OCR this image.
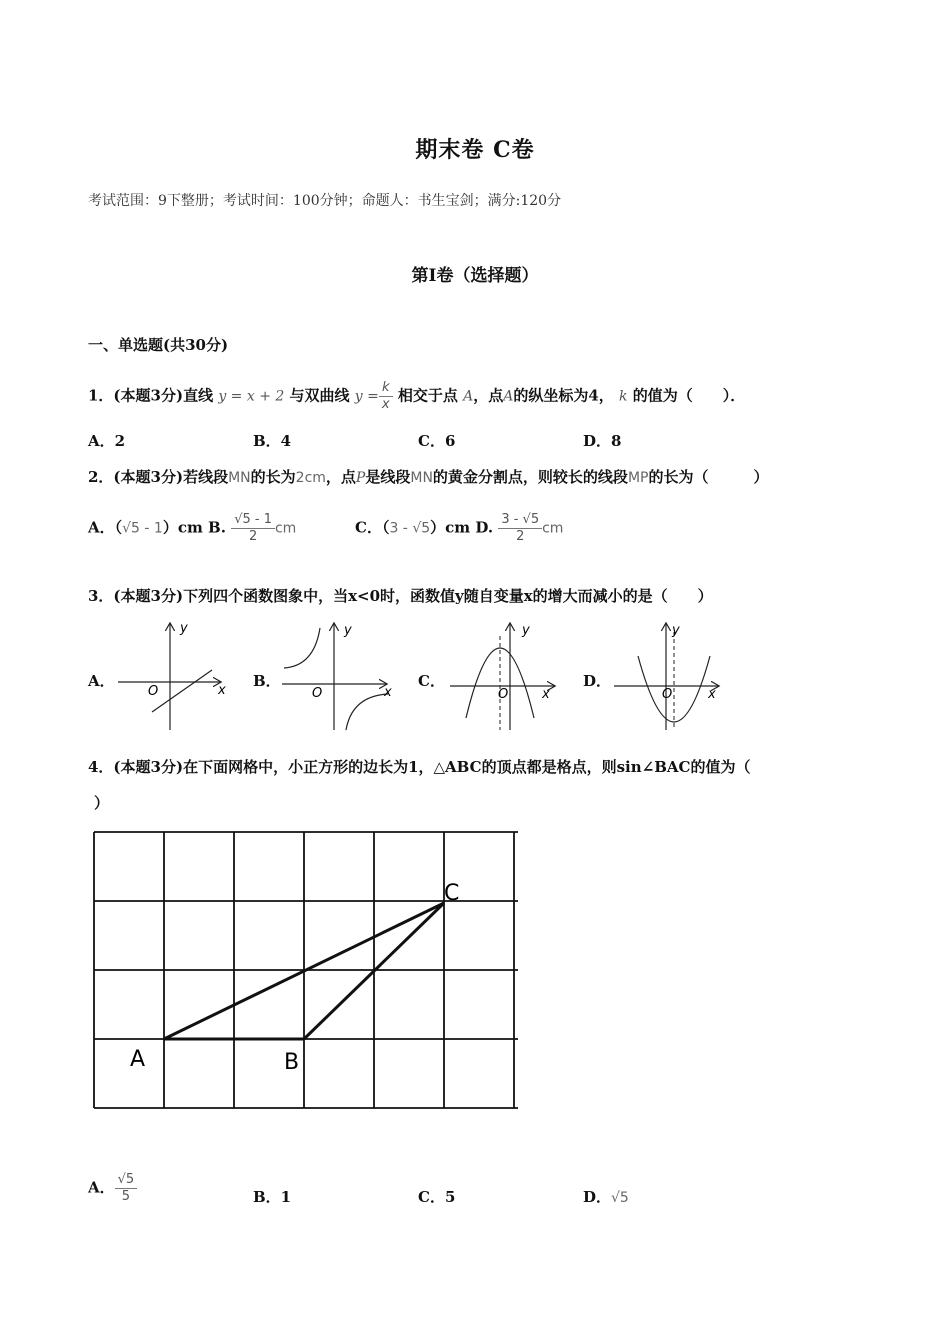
期末卷 C卷
考试范围：9下整册；考试时间：100分钟；命题人：书生宝剑；满分:120分
第I卷（选择题）
一、单选题(共30分)
1．(本题3分)直线 y = x + 2 与双曲线 $y = \frac{k}{x}$ 相交于点 A，点A的纵坐标为4， k 的值为（　　）．
A．2	B．4	C．6	D．8
2．(本题3分)若线段MN的长为2cm，点P是线段MN的黄金分割点，则较长的线段MP的长为（　　　）
A．（√5 - 1）cm B. $\frac{√5 - 1}{2}$ cm	C．（3 - √5）cm D. $\frac{3 - √5}{2}$ cm
3．(本题3分)下列四个函数图象中，当x<0时，函数值y随自变量x的增大而减小的是（　　）
A．	B．	C．	D．
y
x
O
y
x
O
y
x
O
y
x
O
4．(本题3分)在下面网格中，小正方形的边长为1，△ABC的顶点都是格点，则sin∠BAC的值为（
）
A	B
C
A． $\frac{√5}{5}$	B．1	C．5	D．√5
